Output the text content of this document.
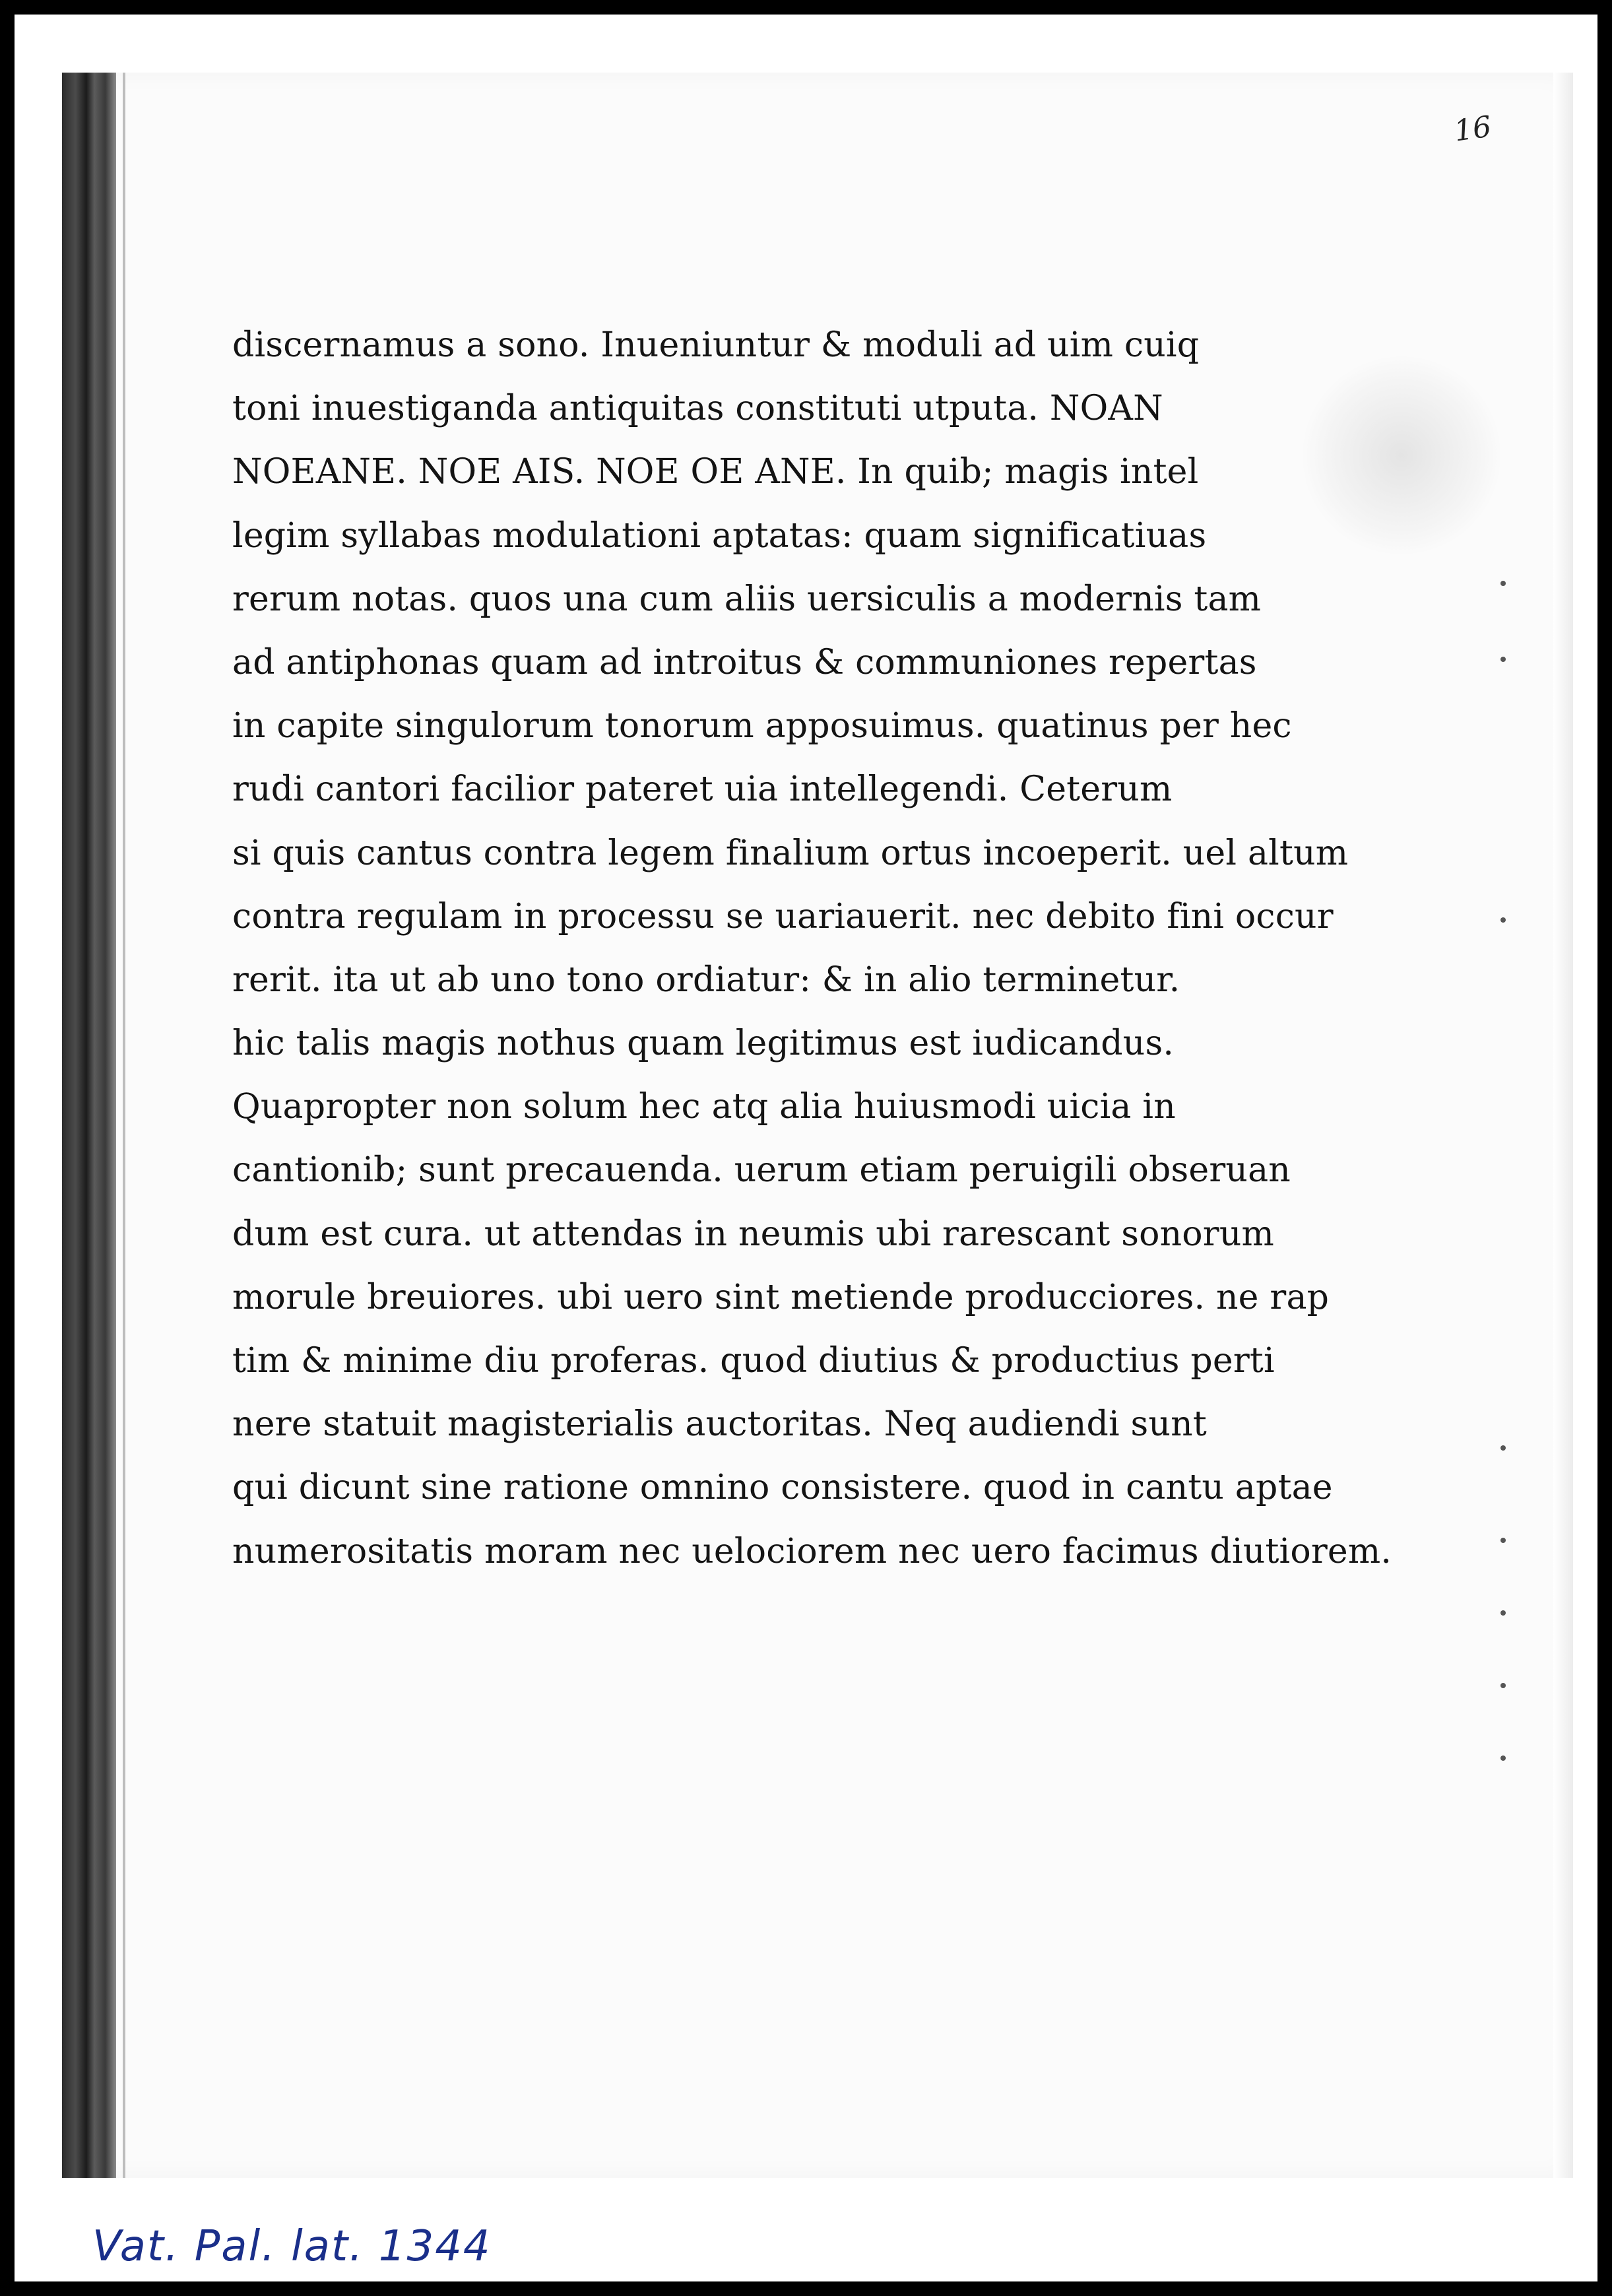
16
discernamus a sono. Inueniuntur & moduli ad uim cuiq
toni inuestiganda antiquitas constituti utputa. NOAN
NOEANE. NOE AIS. NOE OE ANE. In quib; magis intel
legim syllabas modulationi aptatas: quam significatiuas
rerum notas. quos una cum aliis uersiculis a modernis tam
ad antiphonas quam ad introitus & communiones repertas
in capite singulorum tonorum apposuimus. quatinus per hec
rudi cantori facilior pateret uia intellegendi. Ceterum
si quis cantus contra legem finalium ortus incoeperit. uel altum
contra regulam in processu se uariauerit. nec debito fini occur
rerit. ita ut ab uno tono ordiatur: & in alio terminetur.
hic talis magis nothus quam legitimus est iudicandus.
Quapropter non solum hec atq alia huiusmodi uicia in
cantionib; sunt precauenda. uerum etiam peruigili obseruan
dum est cura. ut attendas in neumis ubi rarescant sonorum
morule breuiores. ubi uero sint metiende producciores. ne rap
tim & minime diu proferas. quod diutius & productius perti
nere statuit magisterialis auctoritas. Neq audiendi sunt
qui dicunt sine ratione omnino consistere. quod in cantu aptae
numerositatis moram nec uelociorem nec uero facimus diutiorem.
Vat. Pal. lat. 1344
